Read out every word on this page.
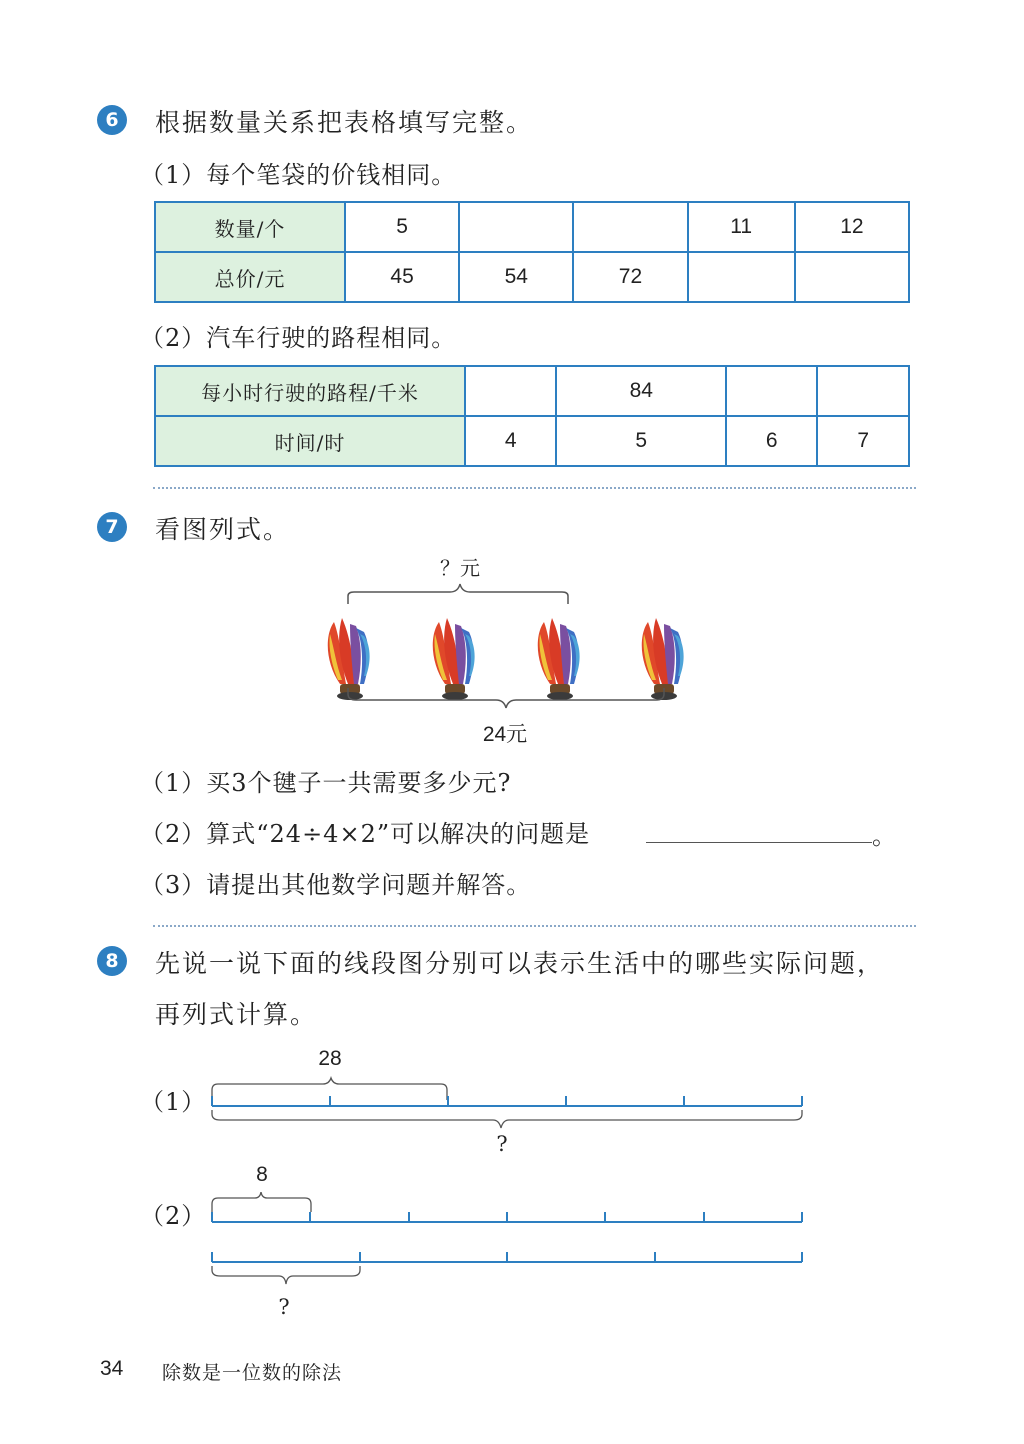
6	根据数量关系把表格填写完整。
（1）每个笔袋的价钱相同。
数量/个	5			11	12
总价/元	45	54	72		
（2）汽车行驶的路程相同。
每小时行驶的路程/千米		84		
时间/时	4	5	6	7
7	看图列式。
？元
24元
（1）买3个毽子一共需要多少元?
（2）算式“24÷4×2”可以解决的问题是	。
（3）请提出其他数学问题并解答。
8	先说一说下面的线段图分别可以表示生活中的哪些实际问题，
再列式计算。
（1）
28
?
（2）
8
?
34 除数是一位数的除法
